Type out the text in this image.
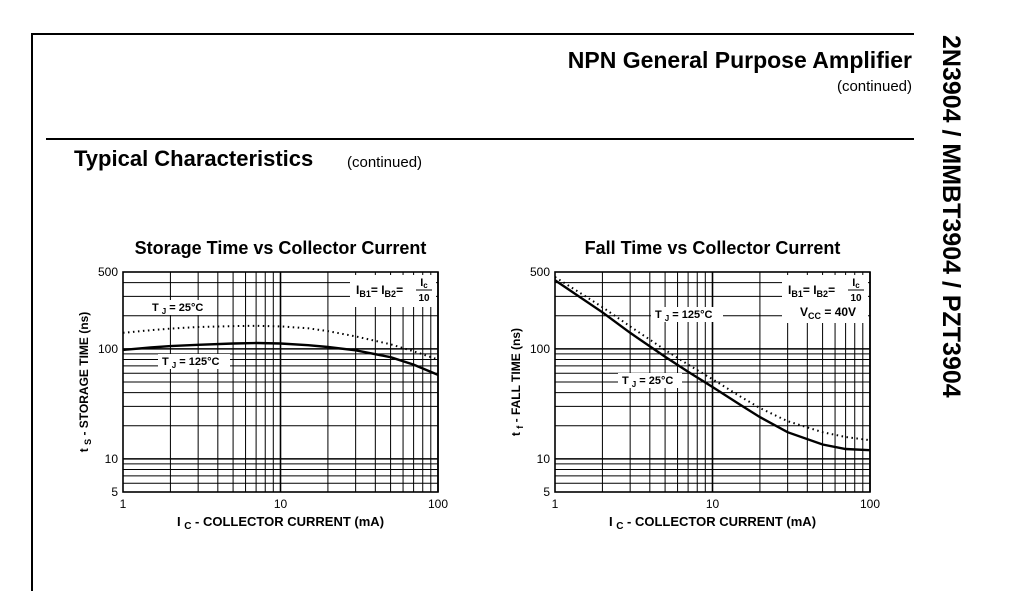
NPN General Purpose Amplifier
(continued)
Typical Characteristics (continued)	2N3904 / MMBT3904 / PZT3904
Storage Time vs Collector Current
1	10	100
5
10
100
500
I $_C$ - COLLECTOR CURRENT (mA)
t $_S$ - STORAGE TIME (ns)
T $_J$ = 25°C
T $_J$ = 125°C
$I_{B1}= I_{B2}= Ic$
10
Fall Time vs Collector Current
1	10	100
5
10
100
500
I $_C$ - COLLECTOR CURRENT (mA)
t $_f$ - FALL TIME (ns)
T $_J$ = 125°C
T $_J$ = 25°C
$I_{B1}= I_{B2}= Ic$
10
$V_{CC} = 40V$
